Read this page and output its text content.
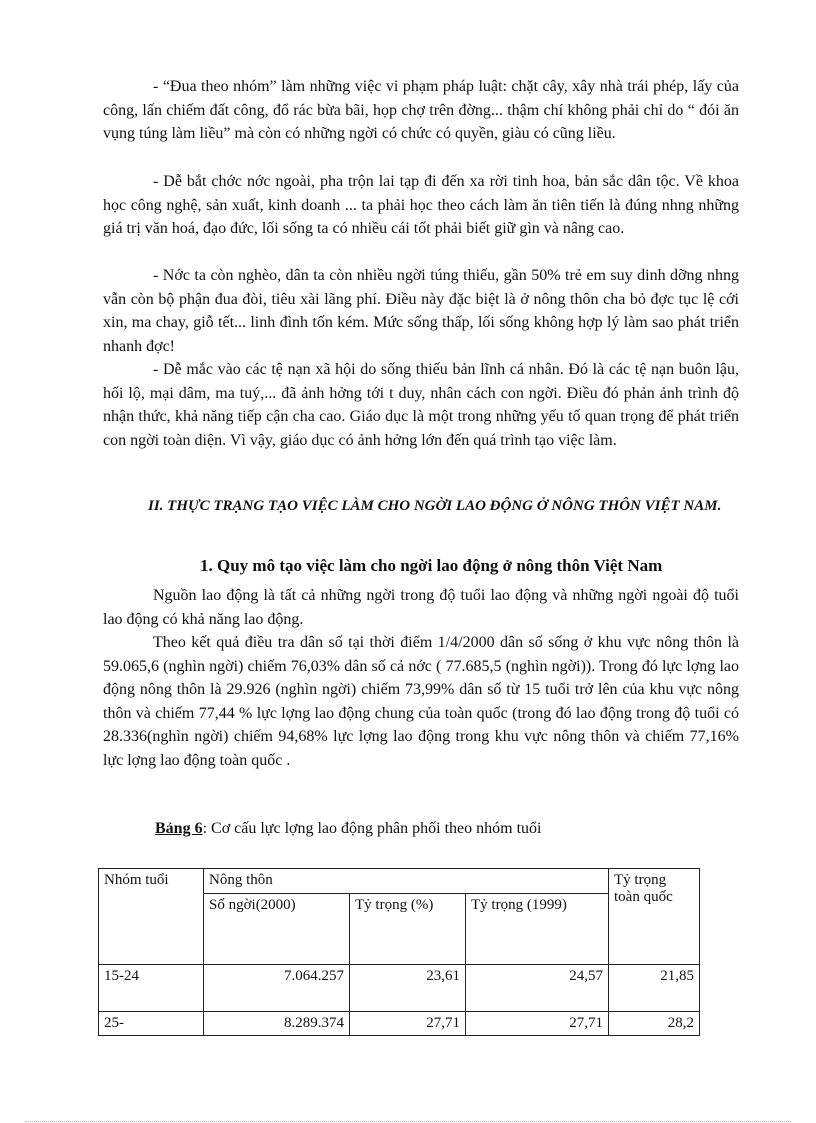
- “Đua theo nhóm” làm những việc vi phạm pháp luật: chặt cây, xây nhà trái phép, lấy của công, lấn chiếm đất công, đổ rác bừa bãi, họp chợ trên đờng... thậm chí không phải chỉ do “ đói ăn vụng túng làm liều” mà còn có những ngời có chức có quyền, giàu có cũng liều.

- Dễ bắt chớc nớc ngoài, pha trộn lai tạp đi đến xa rời tinh hoa, bản sắc dân tộc. Về khoa học công nghệ, sản xuất, kinh doanh ... ta phải học theo cách làm ăn tiên tiến là đúng nhng những giá trị văn hoá, đạo đức, lối sống ta có nhiều cái tốt phải biết giữ gìn và nâng cao.

- Nớc ta còn nghèo, dân ta còn nhiều ngời túng thiếu, gần 50% trẻ em suy dinh dỡng nhng vẫn còn bộ phận đua đòi, tiêu xài lãng phí. Điều này đặc biệt là ở nông thôn cha bỏ đợc tục lệ cới xin, ma chay, giỗ tết... linh đình tốn kém. Mức sống thấp, lối sống không hợp lý làm sao phát triển nhanh đợc!

- Dễ mắc vào các tệ nạn xã hội do sống thiếu bản lĩnh cá nhân. Đó là các tệ nạn buôn lậu, hối lộ, mại dâm, ma tuý,... đã ảnh hởng tới t duy, nhân cách con ngời. Điều đó phản ảnh trình độ nhận thức, khả năng tiếp cận cha cao. Giáo dục là một trong những yếu tố quan trọng để phát triển con ngời toàn diện. Vì vậy, giáo dục có ảnh hởng lớn đến quá trình tạo việc làm.

II. THỰC TRẠNG TẠO VIỆC LÀM CHO NGỜI LAO ĐỘNG Ở NÔNG THÔN VIỆT NAM.

1. Quy mô tạo việc làm cho ngời lao động ở nông thôn Việt Nam

Nguồn lao động là tất cả những ngời trong độ tuổi lao động và những ngời ngoài độ tuổi lao động có khả năng lao động.

Theo kết quả điều tra dân số tại thời điểm 1/4/2000 dân số sống ở khu vực nông thôn là 59.065,6 (nghìn ngời) chiếm 76,03% dân số cả nớc ( 77.685,5 (nghìn ngời)). Trong đó lực lợng lao động nông thôn là 29.926 (nghìn ngời) chiếm 73,99% dân số từ 15 tuổi trở lên của khu vực nông thôn và chiếm 77,44 % lực lợng lao động chung của toàn quốc (trong đó lao động trong độ tuổi có 28.336(nghìn ngời) chiếm 94,68% lực lợng lao động trong khu vực nông thôn và chiếm 77,16% lực lợng lao động toàn quốc .

Bảng 6: Cơ cấu lực lợng lao động phân phối theo nhóm tuổi

Nhóm tuổi	Nông thôn			Tỷ trọng toàn quốc
	Số ngời(2000)	Tỷ trọng (%)	Tỷ trọng (1999)	
15-24	7.064.257	23,61	24,57	21,85
25-	8.289.374	27,71	27,71	28,2
